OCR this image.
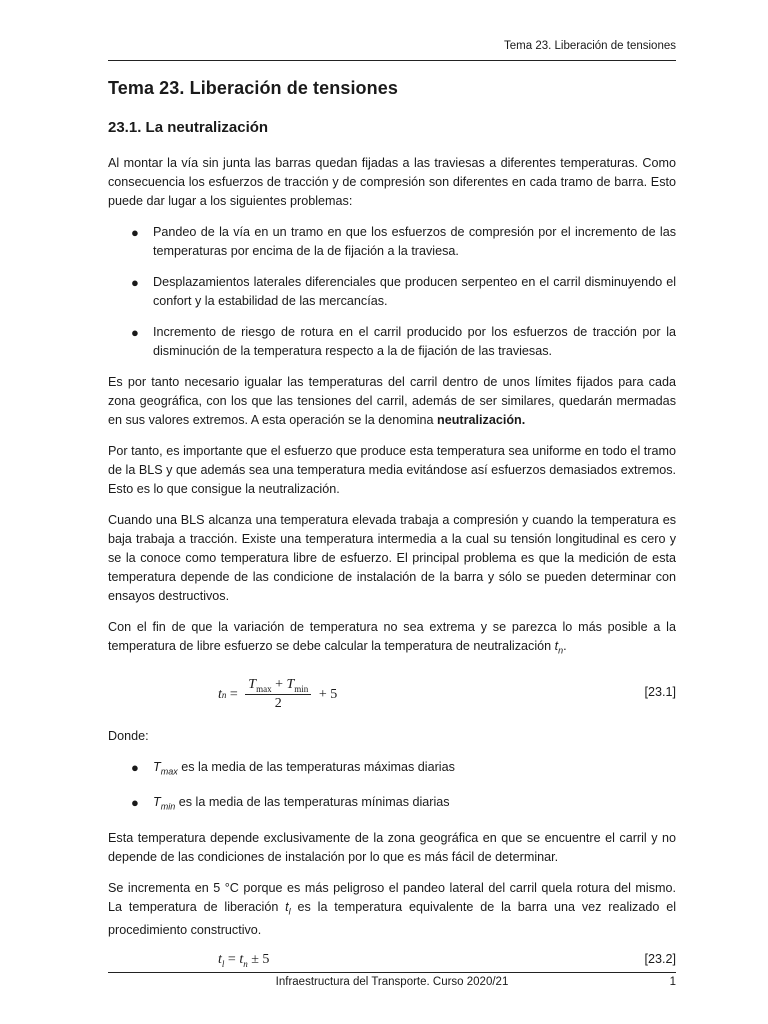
Tema 23. Liberación de tensiones
Tema 23. Liberación de tensiones
23.1. La neutralización

Al montar la vía sin junta las barras quedan fijadas a las traviesas a diferentes temperaturas. Como consecuencia los esfuerzos de tracción y de compresión son diferentes en cada tramo de barra. Esto puede dar lugar a los siguientes problemas:

● Pandeo de la vía en un tramo en que los esfuerzos de compresión por el incremento de las temperaturas por encima de la de fijación a la traviesa.
● Desplazamientos laterales diferenciales que producen serpenteo en el carril disminuyendo el confort y la estabilidad de las mercancías.
● Incremento de riesgo de rotura en el carril producido por los esfuerzos de tracción por la disminución de la temperatura respecto a la de fijación de las traviesas.

Es por tanto necesario igualar las temperaturas del carril dentro de unos límites fijados para cada zona geográfica, con los que las tensiones del carril, además de ser similares, quedarán mermadas en sus valores extremos. A esta operación se la denomina neutralización.

Por tanto, es importante que el esfuerzo que produce esta temperatura sea uniforme en todo el tramo de la BLS y que además sea una temperatura media evitándose así esfuerzos demasiados extremos. Esto es lo que consigue la neutralización.

Cuando una BLS alcanza una temperatura elevada trabaja a compresión y cuando la temperatura es baja trabaja a tracción. Existe una temperatura intermedia a la cual su tensión longitudinal es cero y se la conoce como temperatura libre de esfuerzo. El principal problema es que la medición de esta temperatura depende de las condicione de instalación de la barra y sólo se pueden determinar con ensayos destructivos.

Con el fin de que la variación de temperatura no sea extrema y se parezca lo más posible a la temperatura de libre esfuerzo se debe calcular la temperatura de neutralización $t_n$.

t $n = \frac{T_{max} + T_{min}}{2} + 5$	[23.1]

Donde:

● $T_{max}$ es la media de las temperaturas máximas diarias
● $T_{min}$ es la media de las temperaturas mínimas diarias

Esta temperatura depende exclusivamente de la zona geográfica en que se encuentre el carril y no depende de las condiciones de instalación por lo que es más fácil de determinar.

Se incrementa en 5 °C porque es más peligroso el pandeo lateral del carril quela rotura del mismo. La temperatura de liberación $t_l$ es la temperatura equivalente de la barra una vez realizado el procedimiento constructivo.

$t_l = t_n \pm 5$	[23.2]
Infraestructura del Transporte. Curso 2020/21	1
